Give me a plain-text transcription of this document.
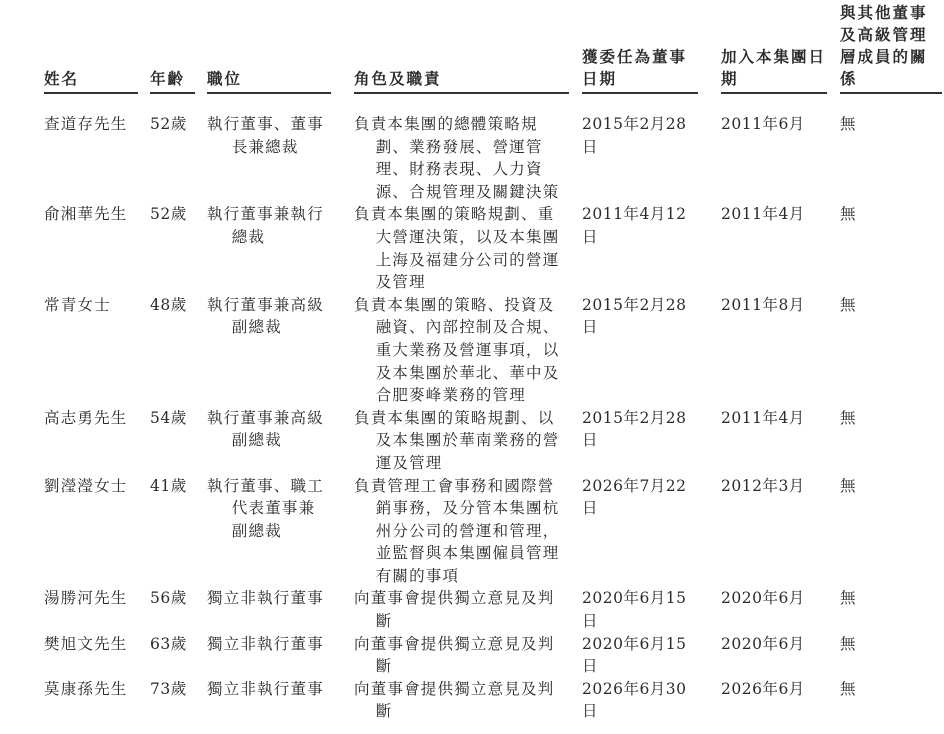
姓名		年齡		職位		角色及職責		獲委任為董事日期		加入本集團日期		與其他董事及高級管理層成員的關係

查道存先生		52歲		執行董事、董事長兼總裁		負責本集團的總體策略規劃、業務發展、營運管理、財務表現、人力資源、合規管理及關鍵決策		2015年2月28日		2011年6月		無
俞湘華先生		52歲		執行董事兼執行總裁		負責本集團的策略規劃、重大營運決策，以及本集團上海及福建分公司的營運及管理		2011年4月12日		2011年4月		無
常青女士		48歲		執行董事兼高級副總裁		負責本集團的策略、投資及融資、內部控制及合規、重大業務及營運事項，以及本集團於華北、華中及合肥麥峰業務的管理		2015年2月28日		2011年8月		無
高志勇先生		54歲		執行董事兼高級副總裁		負責本集團的策略規劃、以及本集團於華南業務的營運及管理		2015年2月28日		2011年4月		無
劉瀅瀅女士		41歲		執行董事、職工代表董事兼副總裁		負責管理工會事務和國際營銷事務，及分管本集團杭州分公司的營運和管理，並監督與本集團僱員管理有關的事項		2026年7月22日		2012年3月		無
湯勝河先生		56歲		獨立非執行董事		向董事會提供獨立意見及判斷		2020年6月15日		2020年6月		無
樊旭文先生		63歲		獨立非執行董事		向董事會提供獨立意見及判斷		2020年6月15日		2020年6月		無
莫康孫先生		73歲		獨立非執行董事		向董事會提供獨立意見及判斷		2026年6月30日		2026年6月		無
